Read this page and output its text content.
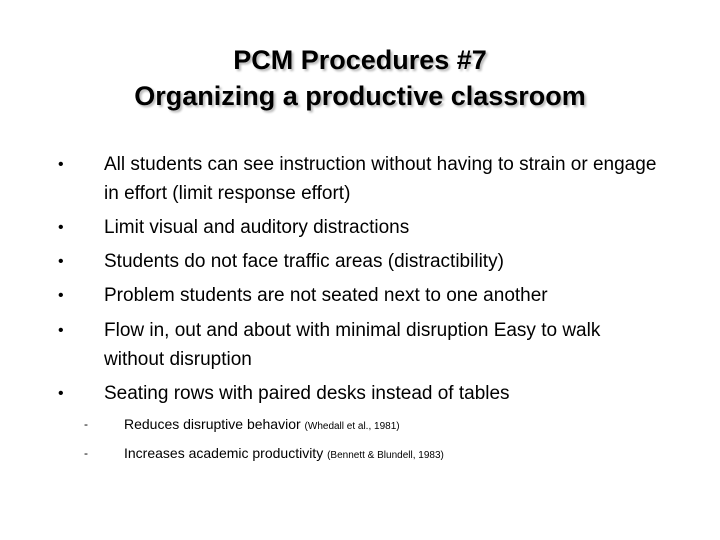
PCM Procedures #7
Organizing a productive classroom
•	All students can see instruction without having to strain or engage in effort (limit response effort)
•	Limit visual and auditory distractions
•	Students do not face traffic areas (distractibility)
•	Problem students are not seated next to one another
•	Flow in, out and about with minimal disruption Easy to walk without disruption
•	Seating rows with paired desks instead of tables
-	Reduces disruptive behavior (Whedall et al., 1981)
-	Increases academic productivity (Bennett & Blundell, 1983)
